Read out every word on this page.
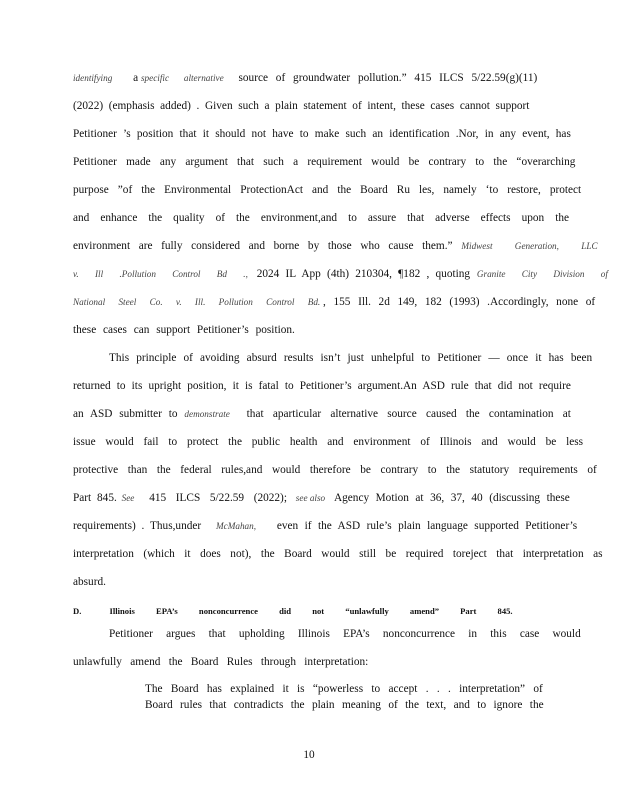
identifying a specific alternative source of groundwater pollution.” 415 ILCS 5/22.59(g)(11)
(2022) (emphasis added) . Given such a plain statement of intent, these cases cannot support
Petitioner ’s position that it should not have to make such an identification .Nor, in any event, has
Petitioner made any argument that such a requirement would be contrary to the “overarching
purpose ”of the Environmental ProtectionAct and the Board Ru les, namely ‘to restore, protect
and enhance the quality of the environment,and to assure that adverse effects upon the
environment are fully considered and borne by those who cause them.” Midwest Generation, LLC
v. Ill .Pollution Control Bd ., 2024 IL App (4th) 210304, ¶182 , quoting Granite City Division of
National Steel Co. v. Ill. Pollution Control Bd. , 155 Ill. 2d 149, 182 (1993) .Accordingly, none of
these cases can support Petitioner’s position.
This principle of avoiding absurd results isn’t just unhelpful to Petitioner — once it has been
returned to its upright position, it is fatal to Petitioner’s argument.An ASD rule that did not require
an ASD submitter to demonstrate that aparticular alternative source caused the contamination at
issue would fail to protect the public health and environment of Illinois and would be less
protective than the federal rules,and would therefore be contrary to the statutory requirements of
Part 845. See 415 ILCS 5/22.59 (2022); see also Agency Motion at 36, 37, 40 (discussing these
requirements) . Thus,under McMahan, even if the ASD rule’s plain language supported Petitioner’s
interpretation (which it does not), the Board would still be required toreject that interpretation as
absurd.
D.	Illinois EPA’s nonconcurrence did not “unlawfully amend” Part 845.
Petitioner argues that upholding Illinois EPA’s nonconcurrence in this case would
unlawfully amend the Board Rules through interpretation:
The Board has explained it is “powerless to accept . . . interpretation” of
Board rules that contradicts the plain meaning of the text, and to ignore the
10
